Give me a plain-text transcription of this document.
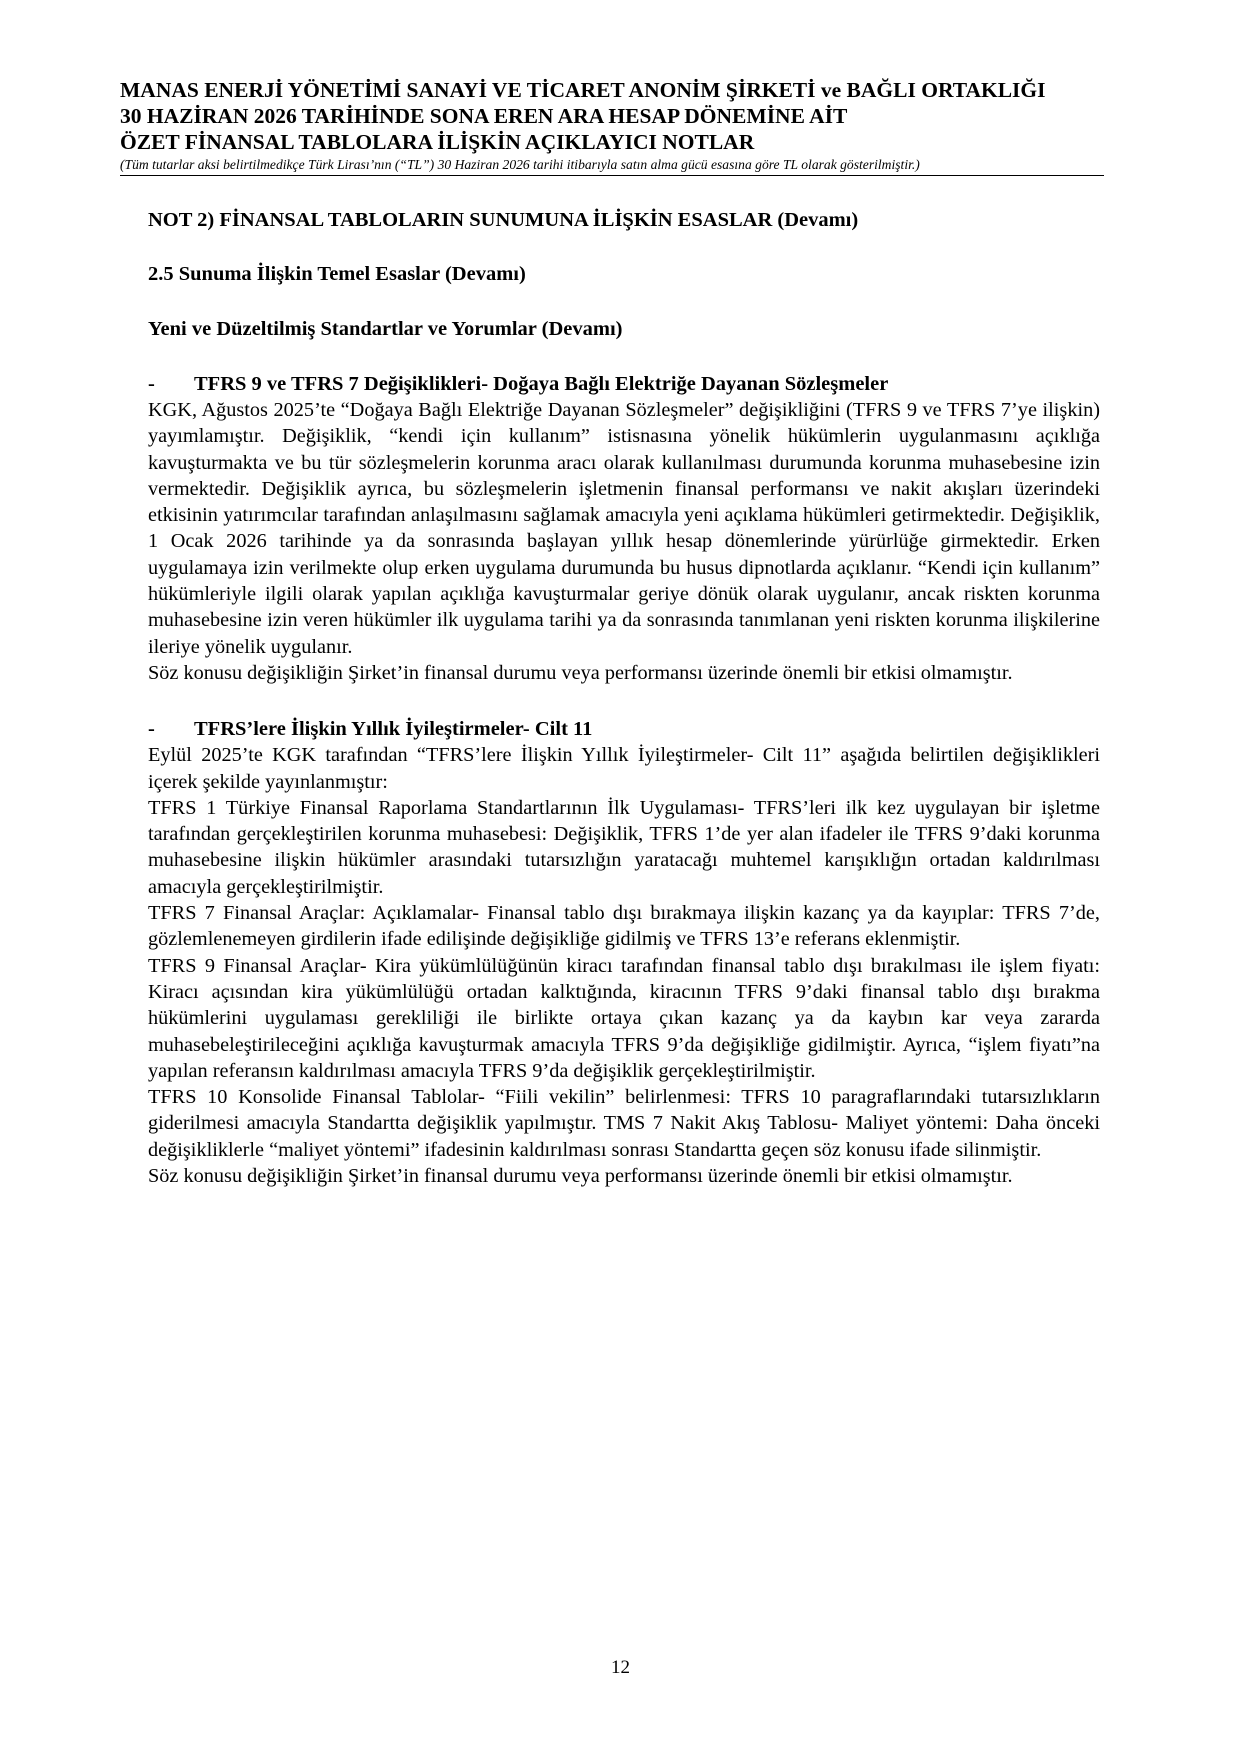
MANAS ENERJİ YÖNETİMİ SANAYİ VE TİCARET ANONİM ŞİRKETİ ve BAĞLI ORTAKLIĞI
30 HAZİRAN 2026 TARİHİNDE SONA EREN ARA HESAP DÖNEMİNE AİT
ÖZET FİNANSAL TABLOLARA İLİŞKİN AÇIKLAYICI NOTLAR
(Tüm tutarlar aksi belirtilmedikçe Türk Lirası’nın (“TL”) 30 Haziran 2026 tarihi itibarıyla satın alma gücü esasına göre TL olarak gösterilmiştir.)
NOT 2) FİNANSAL TABLOLARIN SUNUMUNA İLİŞKİN ESASLAR (Devamı)
2.5 Sunuma İlişkin Temel Esaslar (Devamı)
Yeni ve Düzeltilmiş Standartlar ve Yorumlar (Devamı)
-	TFRS 9 ve TFRS 7 Değişiklikleri- Doğaya Bağlı Elektriğe Dayanan Sözleşmeler

KGK, Ağustos 2025’te “Doğaya Bağlı Elektriğe Dayanan Sözleşmeler” değişikliğini (TFRS 9 ve TFRS 7’ye ilişkin) yayımlamıştır. Değişiklik, “kendi için kullanım” istisnasına yönelik hükümlerin uygulanmasını açıklığa kavuşturmakta ve bu tür sözleşmelerin korunma aracı olarak kullanılması durumunda korunma muhasebesine izin vermektedir. Değişiklik ayrıca, bu sözleşmelerin işletmenin finansal performansı ve nakit akışları üzerindeki etkisinin yatırımcılar tarafından anlaşılmasını sağlamak amacıyla yeni açıklama hükümleri getirmektedir. Değişiklik, 1 Ocak 2026 tarihinde ya da sonrasında başlayan yıllık hesap dönemlerinde yürürlüğe girmektedir. Erken uygulamaya izin verilmekte olup erken uygulama durumunda bu husus dipnotlarda açıklanır. “Kendi için kullanım” hükümleriyle ilgili olarak yapılan açıklığa kavuşturmalar geriye dönük olarak uygulanır, ancak riskten korunma muhasebesine izin veren hükümler ilk uygulama tarihi ya da sonrasında tanımlanan yeni riskten korunma ilişkilerine ileriye yönelik uygulanır.

Söz konusu değişikliğin Şirket’in finansal durumu veya performansı üzerinde önemli bir etkisi olmamıştır.

-	TFRS’lere İlişkin Yıllık İyileştirmeler- Cilt 11

Eylül 2025’te KGK tarafından “TFRS’lere İlişkin Yıllık İyileştirmeler- Cilt 11” aşağıda belirtilen değişiklikleri içerek şekilde yayınlanmıştır:

TFRS 1 Türkiye Finansal Raporlama Standartlarının İlk Uygulaması- TFRS’leri ilk kez uygulayan bir işletme tarafından gerçekleştirilen korunma muhasebesi: Değişiklik, TFRS 1’de yer alan ifadeler ile TFRS 9’daki korunma muhasebesine ilişkin hükümler arasındaki tutarsızlığın yaratacağı muhtemel karışıklığın ortadan kaldırılması amacıyla gerçekleştirilmiştir.

TFRS 7 Finansal Araçlar: Açıklamalar- Finansal tablo dışı bırakmaya ilişkin kazanç ya da kayıplar: TFRS 7’de, gözlemlenemeyen girdilerin ifade edilişinde değişikliğe gidilmiş ve TFRS 13’e referans eklenmiştir.

TFRS 9 Finansal Araçlar- Kira yükümlülüğünün kiracı tarafından finansal tablo dışı bırakılması ile işlem fiyatı: Kiracı açısından kira yükümlülüğü ortadan kalktığında, kiracının TFRS 9’daki finansal tablo dışı bırakma hükümlerini uygulaması gerekliliği ile birlikte ortaya çıkan kazanç ya da kaybın kar veya zararda muhasebeleştirileceğini açıklığa kavuşturmak amacıyla TFRS 9’da değişikliğe gidilmiştir. Ayrıca, “işlem fiyatı”na yapılan referansın kaldırılması amacıyla TFRS 9’da değişiklik gerçekleştirilmiştir.

TFRS 10 Konsolide Finansal Tablolar- “Fiili vekilin” belirlenmesi: TFRS 10 paragraflarındaki tutarsızlıkların giderilmesi amacıyla Standartta değişiklik yapılmıştır. TMS 7 Nakit Akış Tablosu- Maliyet yöntemi: Daha önceki değişikliklerle “maliyet yöntemi” ifadesinin kaldırılması sonrası Standartta geçen söz konusu ifade silinmiştir.

Söz konusu değişikliğin Şirket’in finansal durumu veya performansı üzerinde önemli bir etkisi olmamıştır.

12
